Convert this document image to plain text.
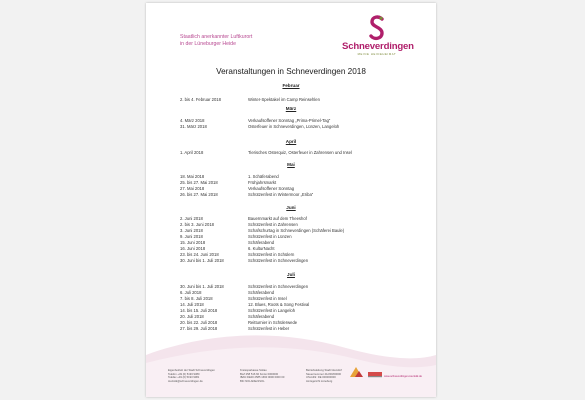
Staatlich anerkannter Luftkurort
in der Lüneburger Heide	Schneverdingen
MEINE HEIDEHEIMAT
Veranstaltungen in Schneverdingen 2018
Februar
2. bis 4. Februar 2018	Winter-Spektakel im Camp Reinsehlen
März
4. März 2018	Verkaufsoffener Sonntag „Prima-Primel-Tag“
31. März 2018	Osterfeuer in Schneverdingen, Lünzen, Langeloh
April
1. April 2018	Tierisches Osterquiz, Osterfeuer in Zahrensen und Insel
Mai
18. Mai 2018	1. Schäferabend
25. bis 27. Mai 2018	Frühjahrsmarkt
27. Mai 2018	Verkaufsoffener Sonntag
26. bis 27. Mai 2018	Schützenfest in Wintermoor „Eriba“
Juni
2. Juni 2018	Bauernmarkt auf dem Theeshof
2. bis 3. Juni 2018	Schützenfest in Zahrensen
3. Juni 2018	Schafschurtag in Schneverdingen (Schäferei Baule)
9. Juni 2018	Schützenfest in Lünzen
15. Juni 2018	Schäferabend
16. Juni 2018	6. KulturNacht
23. bis 24. Juni 2018	Schützenfest in Schülern
30. Juni bis 1. Juli 2018	Schützenfest in Schneverdingen
Juli
30. Juni bis 1. Juli 2018	Schützenfest in Schneverdingen
6. Juli 2018	Schäferabend
7. bis 8. Juli 2018	Schützenfest in Insel
14. Juli 2018	12. Blues, Roots & Song Festival
14. bis 15. Juli 2018	Schützenfest in Langeloh
20. Juli 2018	Schäferabend
20. bis 22. Juli 2018	Reitturnier in Schülerwede
27. bis 29. Juli 2018	Schützenfest in Heber
Eigenbetrieb der Stadt Schneverdingen
Telefon +49 (0) 5193 9380
Telefax +49 (0) 5193 9381
touristik@schneverdingen.de
Kreissparkasse Soltau
BLZ 258 516 60 Konto 0000000
IBAN DE00 2585 1660 0000 0000 00
BIC NOLADE21SOL
Betriebsleitung Stadt Glendorf
Steuernummer 41/200/00000
USt-IdNr. DE 000000000
Amtsgericht Lüneburg
www.schneverdingen-touristik.de
